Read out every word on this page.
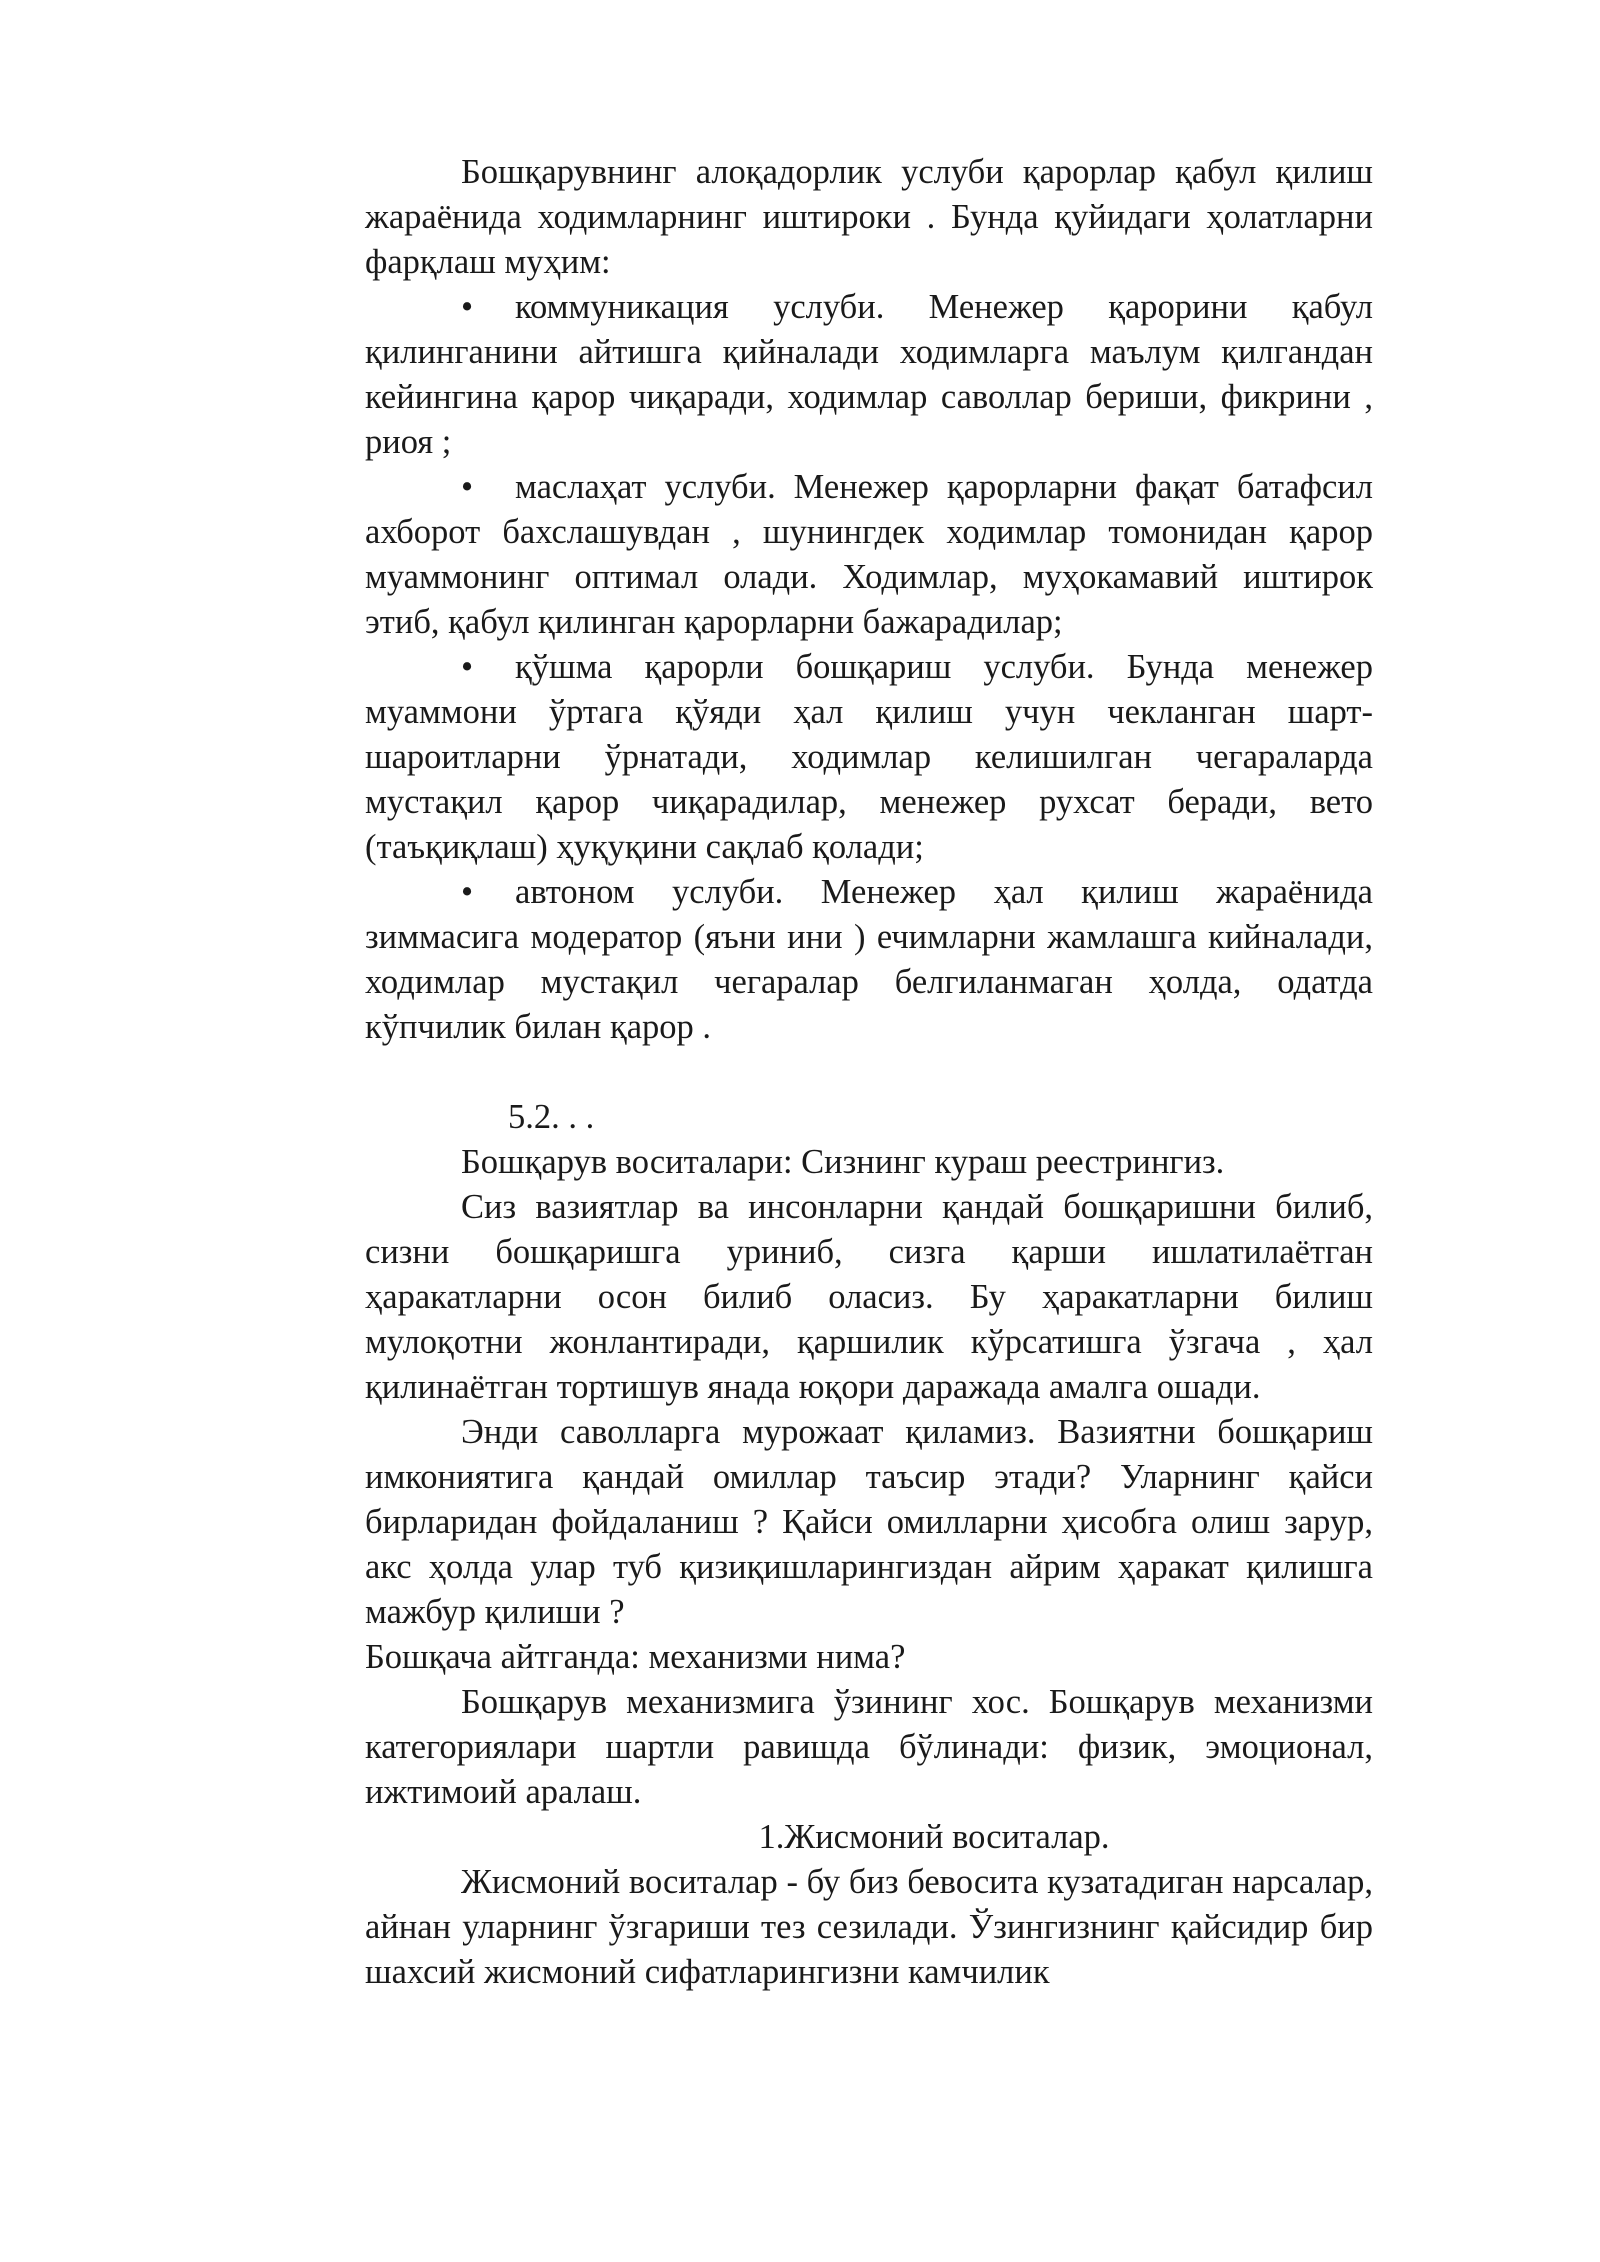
Бошқарувнинг алоқадорлик услуби қарорлар қабул қилиш жараёнида ходимларнинг иштироки . Бунда қуйидаги ҳолатларни фарқлаш муҳим:

• коммуникация услуби. Менежер қарорини қабул қилинганини айтишга қийналади ходимларга маълум қилгандан кейингина қарор чиқаради, ходимлар саволлар бериши, фикрини , риоя ;

• маслаҳат услуби. Менежер қарорларни фақат батафсил ахборот бахслашувдан , шунингдек ходимлар томонидан қарор муаммонинг оптимал олади. Ходимлар, муҳокамавий иштирок этиб, қабул қилинган қарорларни бажарадилар;

• қўшма қарорли бошқариш услуби. Бунда менежер муаммони ўртага қўяди ҳал қилиш учун чекланган шарт-шароитларни ўрнатади, ходимлар келишилган чегараларда мустақил қарор чиқарадилар, менежер рухсат беради, вето (таъқиқлаш) ҳуқуқини сақлаб қолади;

• автоном услуби. Менежер ҳал қилиш жараёнида зиммасига модератор (яъни ини ) ечимларни жамлашга кийналади, ходимлар мустақил чегаралар белгиланмаган ҳолда, одатда кўпчилик билан қарор .

5.2. . .

Бошқарув воситалари: Сизнинг кураш реестрингиз.

Сиз вазиятлар ва инсонларни қандай бошқаришни билиб, сизни бошқаришга уриниб, сизга қарши ишлатилаётган ҳаракатларни осон билиб оласиз. Бу ҳаракатларни билиш мулоқотни жонлантиради, қаршилик кўрсатишга ўзгача , ҳал қилинаётган тортишув янада юқори даражада амалга ошади.

Энди саволларга мурожаат қиламиз. Вазиятни бошқариш имкониятига қандай омиллар таъсир этади? Уларнинг қайси бирларидан фойдаланиш ? Қайси омилларни ҳисобга олиш зарур, акс ҳолда улар туб қизиқишларингиздан айрим ҳаракат қилишга мажбур қилиши ?

Бошқача айтганда: механизми нима?

Бошқарув механизмига ўзининг хос. Бошқарув механизми категориялари шартли равишда бўлинади: физик, эмоционал, ижтимоий аралаш.

1.Жисмоний воситалар.

Жисмоний воситалар - бу биз бевосита кузатадиган нарсалар, айнан уларнинг ўзгариши тез сезилади. Ўзингизнинг қайсидир бир шахсий жисмоний сифатларингизни камчилик
